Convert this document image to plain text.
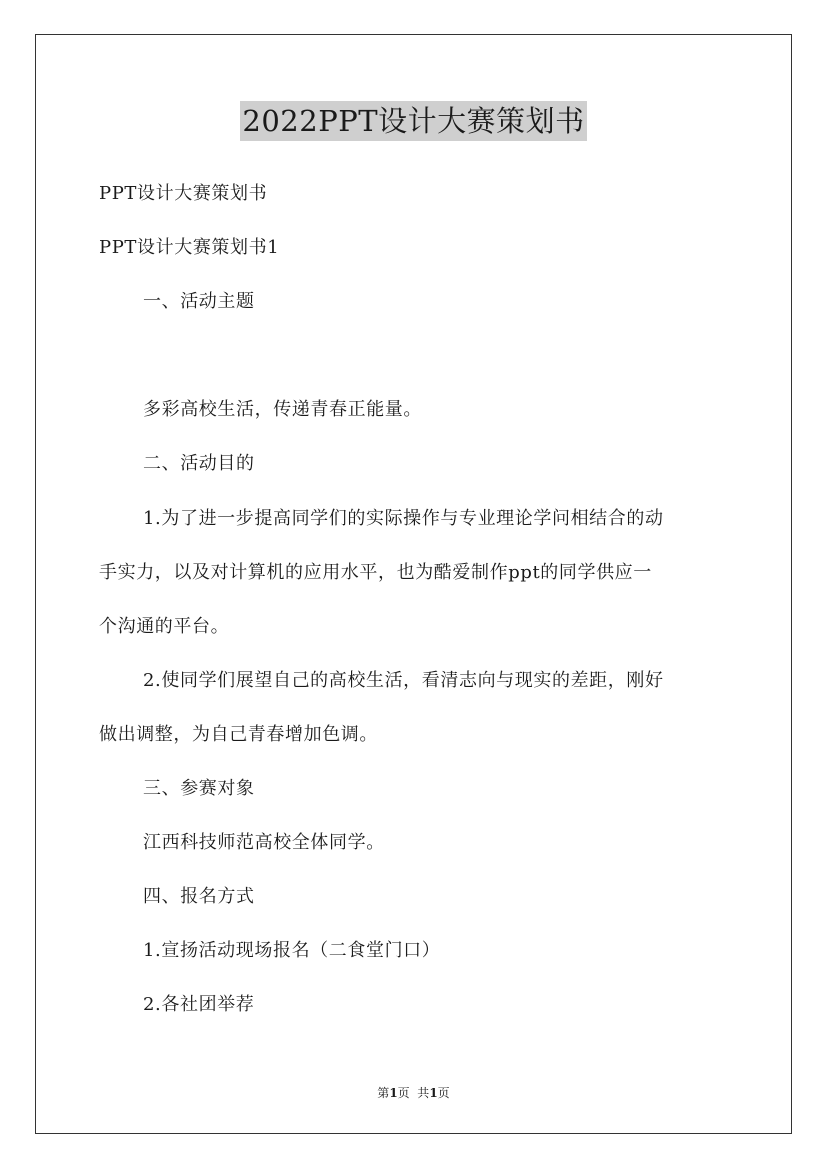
2022PPT设计大赛策划书
PPT设计大赛策划书
PPT设计大赛策划书1
一、活动主题
多彩高校生活，传递青春正能量。
二、活动目的
1.为了进一步提高同学们的实际操作与专业理论学问相结合的动
手实力，以及对计算机的应用水平，也为酷爱制作ppt的同学供应一
个沟通的平台。
2.使同学们展望自己的高校生活，看清志向与现实的差距，刚好
做出调整，为自己青春增加色调。
三、参赛对象
江西科技师范高校全体同学。
四、报名方式
1.宣扬活动现场报名（二食堂门口）
2.各社团举荐
第1页  共1页
